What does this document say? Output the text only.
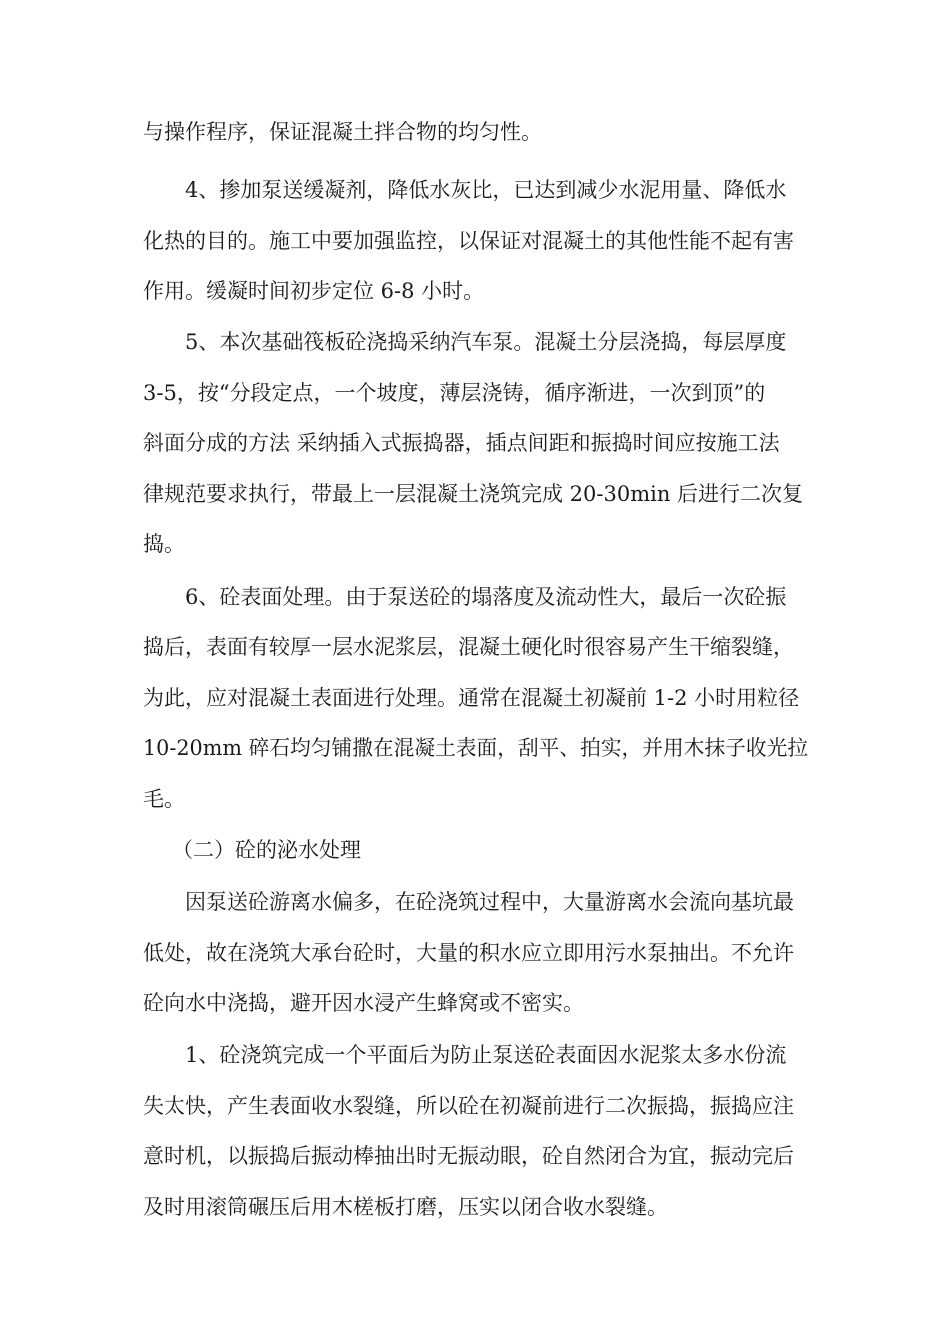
与操作程序，保证混凝土拌合物的均匀性。
4、掺加泵送缓凝剂，降低水灰比，已达到减少水泥用量、降低水
化热的目的。施工中要加强监控，以保证对混凝土的其他性能不起有害
作用。缓凝时间初步定位 6-8 小时。
5、本次基础筏板砼浇捣采纳汽车泵。混凝土分层浇捣，每层厚度
3-5，按“分段定点，一个坡度，薄层浇铸，循序渐进，一次到顶”的
斜面分成的方法 采纳插入式振捣器，插点间距和振捣时间应按施工法
律规范要求执行，带最上一层混凝土浇筑完成 20-30min 后进行二次复
捣。
6、砼表面处理。由于泵送砼的塌落度及流动性大，最后一次砼振
捣后，表面有较厚一层水泥浆层，混凝土硬化时很容易产生干缩裂缝，
为此，应对混凝土表面进行处理。通常在混凝土初凝前 1-2 小时用粒径
10-20mm 碎石均匀铺撒在混凝土表面，刮平、拍实，并用木抹子收光拉
毛。
（二）砼的泌水处理
因泵送砼游离水偏多，在砼浇筑过程中，大量游离水会流向基坑最
低处，故在浇筑大承台砼时，大量的积水应立即用污水泵抽出。不允许
砼向水中浇捣，避开因水浸产生蜂窝或不密实。
1、砼浇筑完成一个平面后为防止泵送砼表面因水泥浆太多水份流
失太快，产生表面收水裂缝，所以砼在初凝前进行二次振捣，振捣应注
意时机，以振捣后振动棒抽出时无振动眼，砼自然闭合为宜，振动完后
及时用滚筒碾压后用木槎板打磨，压实以闭合收水裂缝。
